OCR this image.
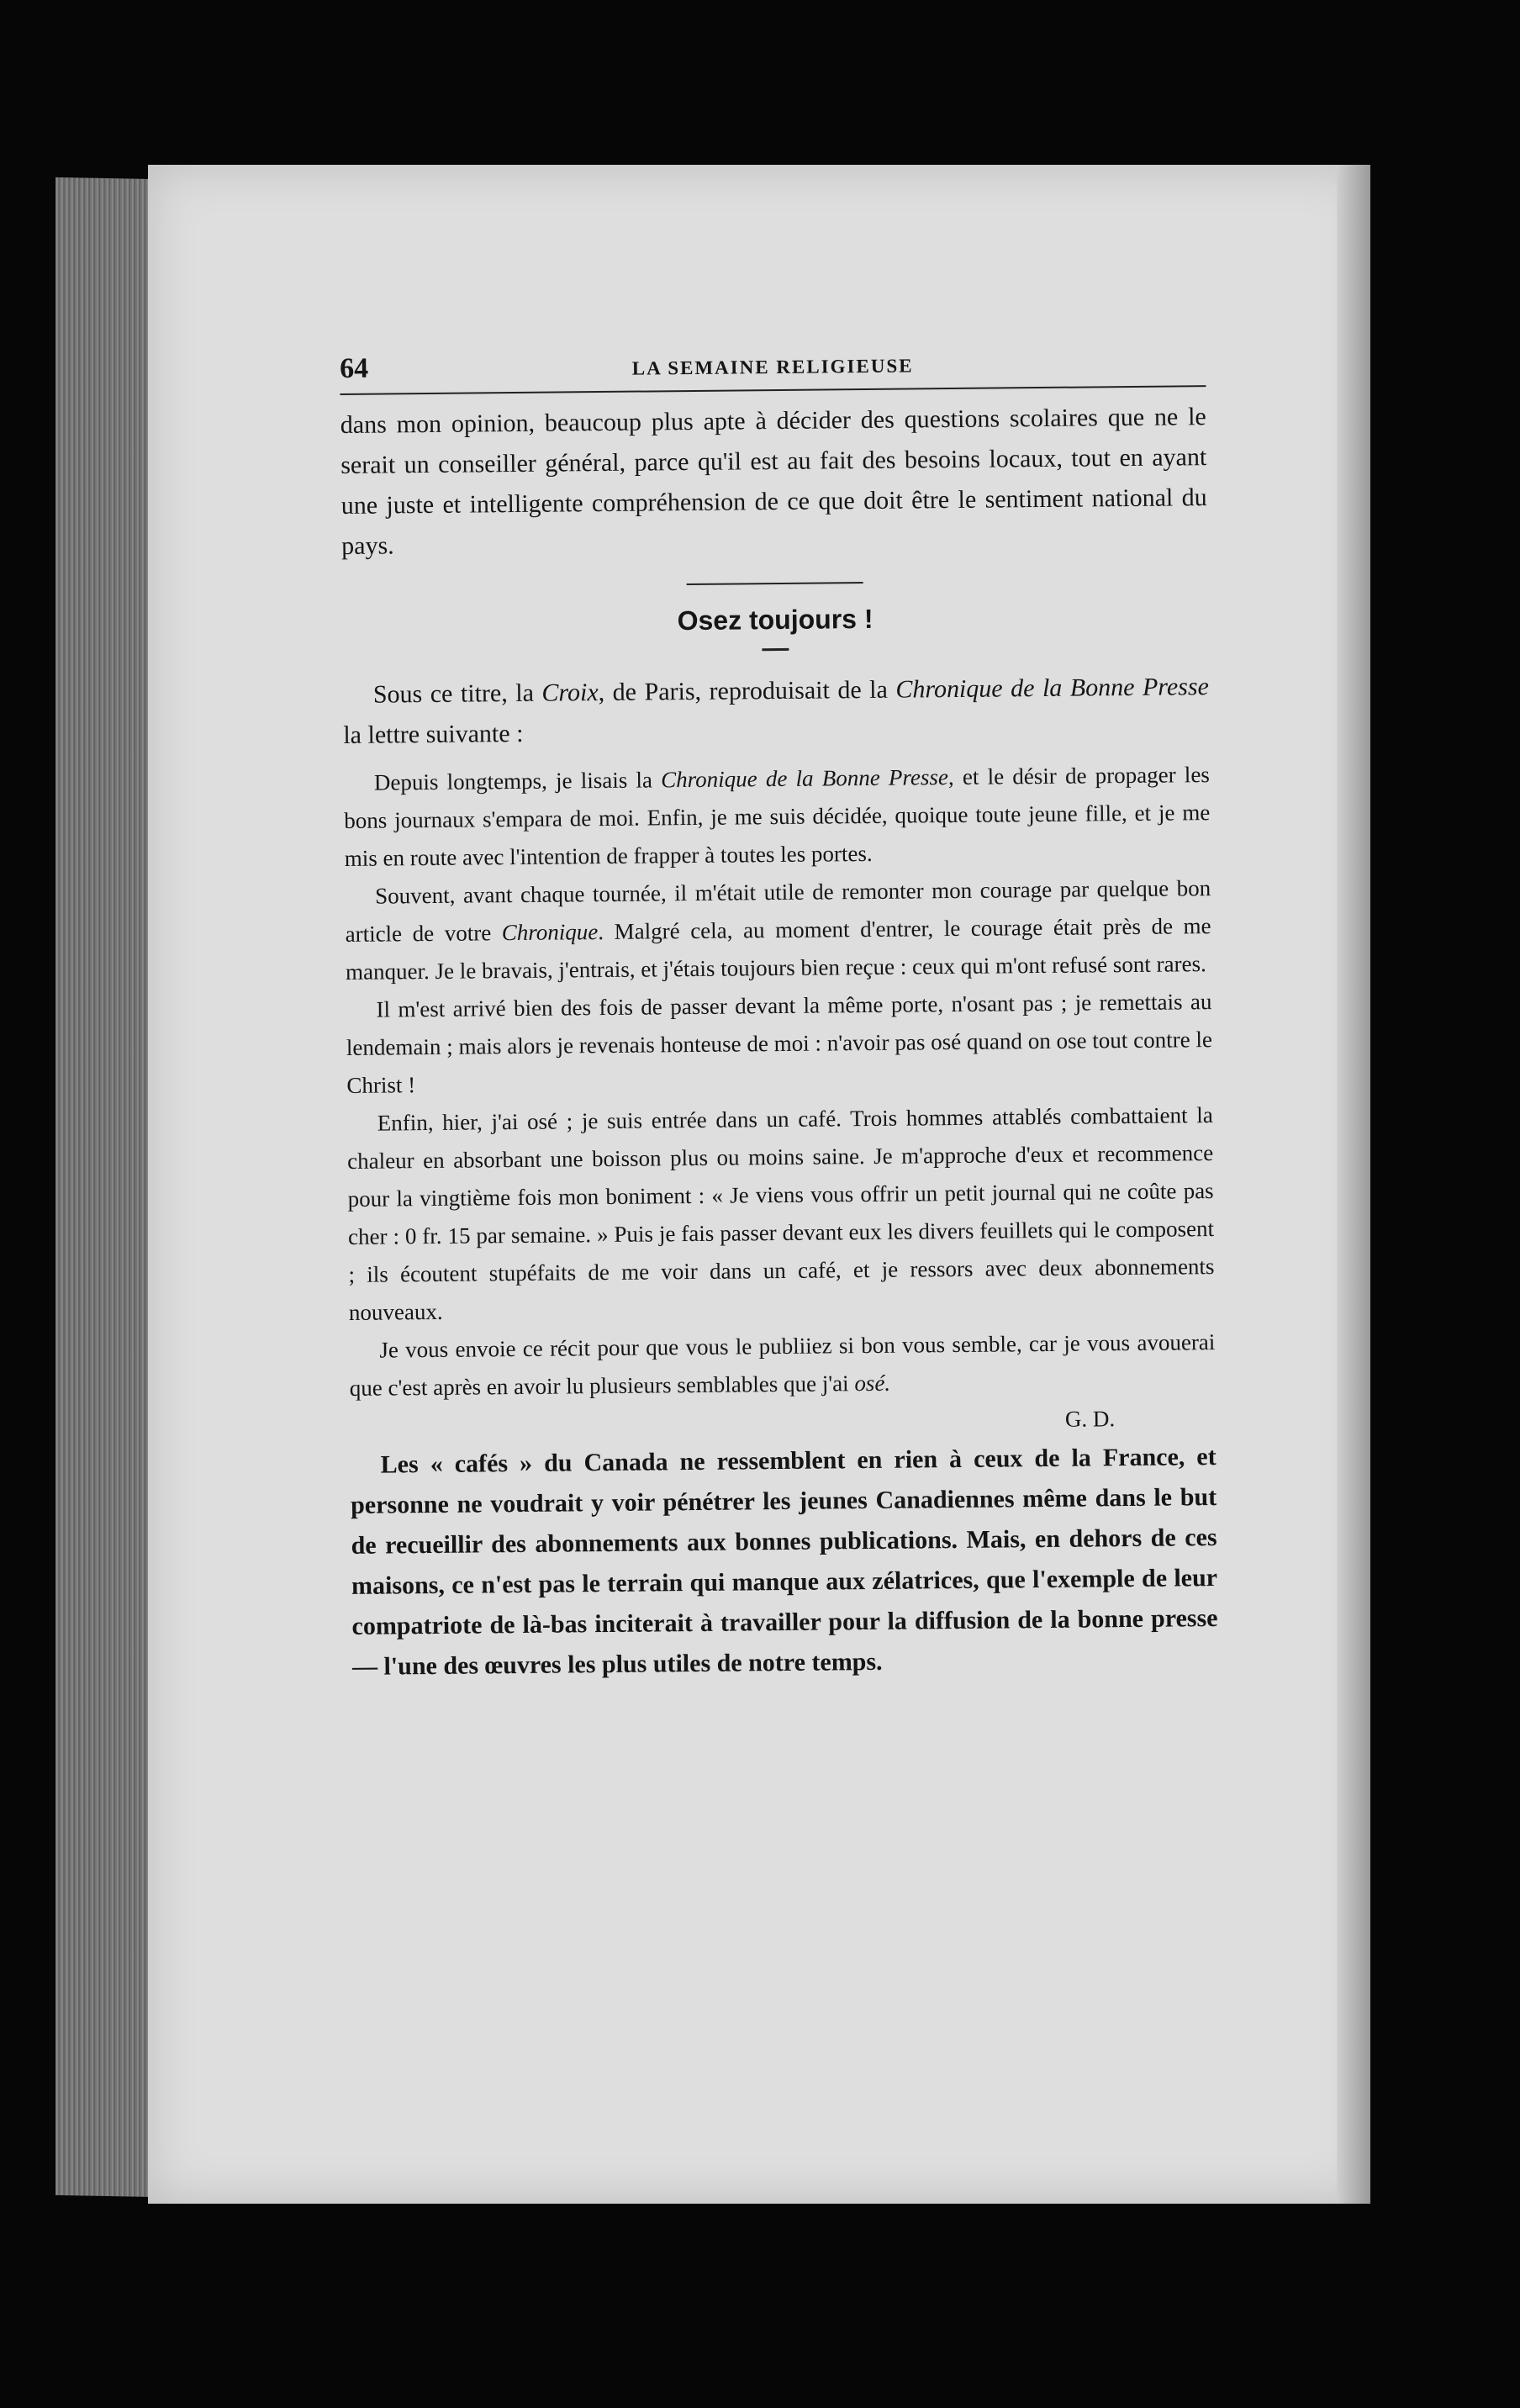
64	LA SEMAINE RELIGIEUSE

dans mon opinion, beaucoup plus apte à décider des questions scolaires que ne le serait un conseiller général, parce qu'il est au fait des besoins locaux, tout en ayant une juste et intelligente compréhension de ce que doit être le sentiment national du pays.

Osez toujours !

Sous ce titre, la Croix, de Paris, reproduisait de la Chronique de la Bonne Presse la lettre suivante :

Depuis longtemps, je lisais la Chronique de la Bonne Presse, et le désir de propager les bons journaux s'empara de moi. Enfin, je me suis décidée, quoique toute jeune fille, et je me mis en route avec l'intention de frapper à toutes les portes.

Souvent, avant chaque tournée, il m'était utile de remonter mon courage par quelque bon article de votre Chronique. Malgré cela, au moment d'entrer, le courage était près de me manquer. Je le bravais, j'entrais, et j'étais toujours bien reçue : ceux qui m'ont refusé sont rares.

Il m'est arrivé bien des fois de passer devant la même porte, n'osant pas ; je remettais au lendemain ; mais alors je revenais honteuse de moi : n'avoir pas osé quand on ose tout contre le Christ !

Enfin, hier, j'ai osé ; je suis entrée dans un café. Trois hommes attablés combattaient la chaleur en absorbant une boisson plus ou moins saine. Je m'approche d'eux et recommence pour la vingtième fois mon boniment : « Je viens vous offrir un petit journal qui ne coûte pas cher : 0 fr. 15 par semaine. » Puis je fais passer devant eux les divers feuillets qui le composent ; ils écoutent stupéfaits de me voir dans un café, et je ressors avec deux abonnements nouveaux.

Je vous envoie ce récit pour que vous le publiiez si bon vous semble, car je vous avouerai que c'est après en avoir lu plusieurs semblables que j'ai osé.

G. D.

Les « cafés » du Canada ne ressemblent en rien à ceux de la France, et personne ne voudrait y voir pénétrer les jeunes Canadiennes même dans le but de recueillir des abonnements aux bonnes publications. Mais, en dehors de ces maisons, ce n'est pas le terrain qui manque aux zélatrices, que l'exemple de leur compatriote de là-bas inciterait à travailler pour la diffusion de la bonne presse — l'une des œuvres les plus utiles de notre temps.
